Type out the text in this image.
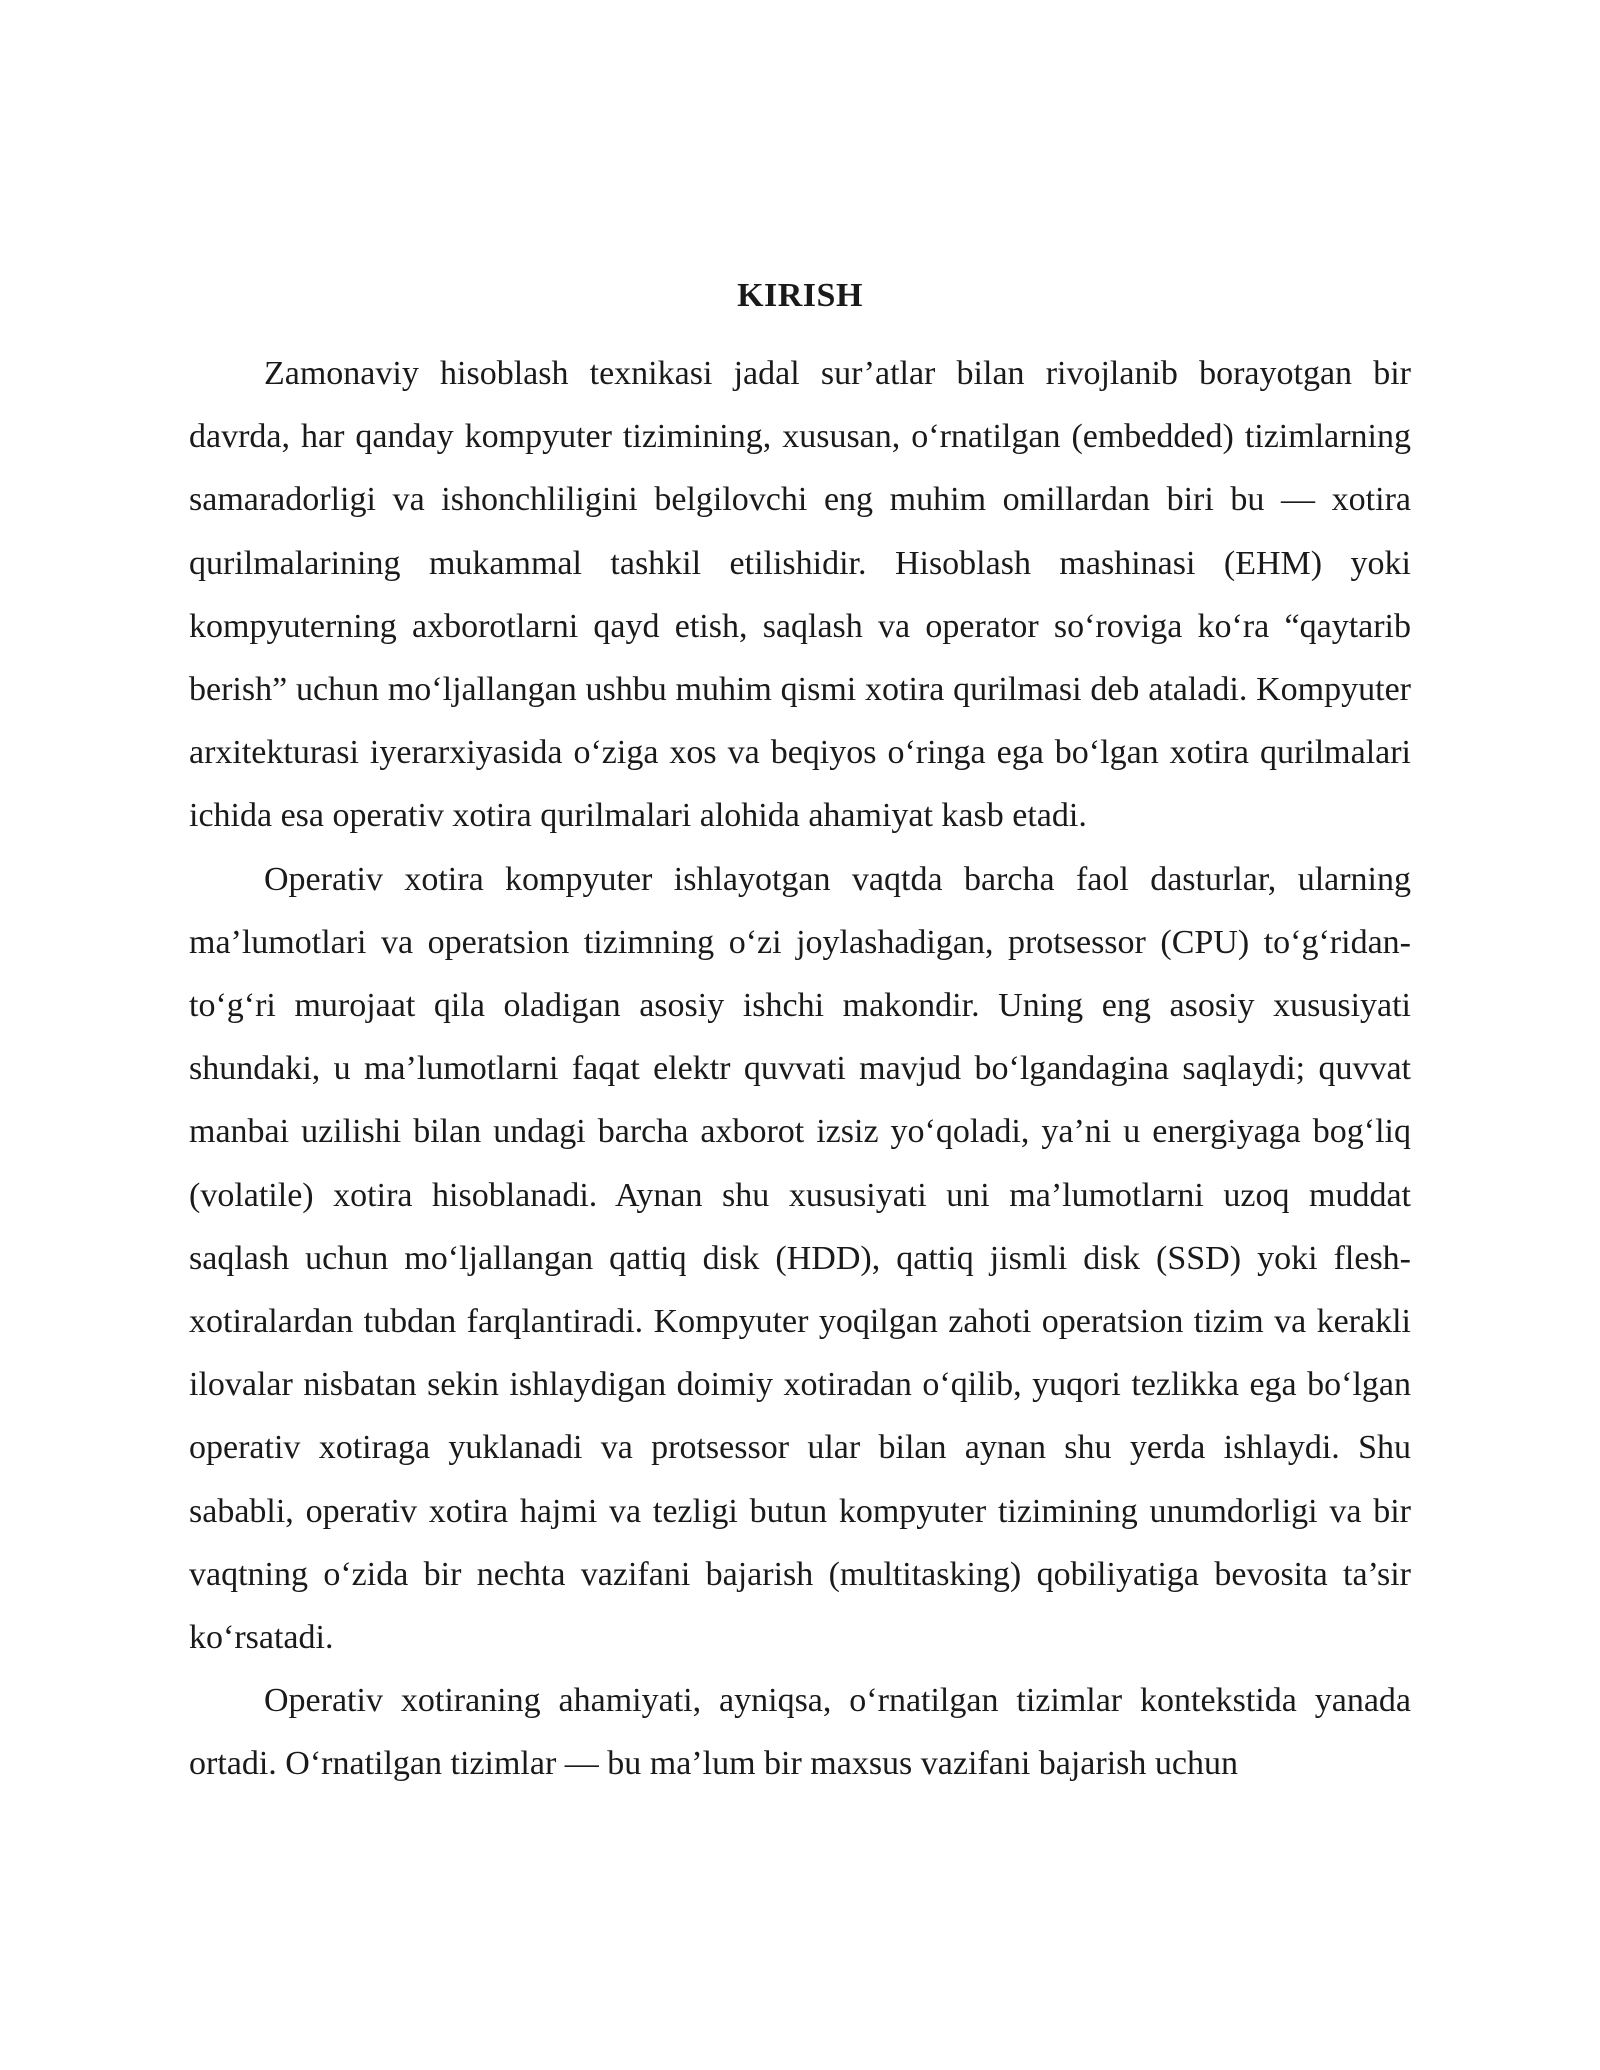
KIRISH

Zamonaviy hisoblash texnikasi jadal sur’atlar bilan rivojlanib borayotgan bir davrda, har qanday kompyuter tizimining, xususan, o‘rnatilgan (embedded) tizimlarning samaradorligi va ishonchliligini belgilovchi eng muhim omillardan biri bu — xotira qurilmalarining mukammal tashkil etilishidir. Hisoblash mashinasi (EHM) yoki kompyuterning axborotlarni qayd etish, saqlash va operator so‘roviga ko‘ra “qaytarib berish” uchun mo‘ljallangan ushbu muhim qismi xotira qurilmasi deb ataladi. Kompyuter arxitekturasi iyerarxiyasida o‘ziga xos va beqiyos o‘ringa ega bo‘lgan xotira qurilmalari ichida esa operativ xotira qurilmalari alohida ahamiyat kasb etadi.

Operativ xotira kompyuter ishlayotgan vaqtda barcha faol dasturlar, ularning ma’lumotlari va operatsion tizimning o‘zi joylashadigan, protsessor (CPU) to‘g‘ridan-to‘g‘ri murojaat qila oladigan asosiy ishchi makondir. Uning eng asosiy xususiyati shundaki, u ma’lumotlarni faqat elektr quvvati mavjud bo‘lgandagina saqlaydi; quvvat manbai uzilishi bilan undagi barcha axborot izsiz yo‘qoladi, ya’ni u energiyaga bog‘liq (volatile) xotira hisoblanadi. Aynan shu xususiyati uni ma’lumotlarni uzoq muddat saqlash uchun mo‘ljallangan qattiq disk (HDD), qattiq jismli disk (SSD) yoki flesh-xotiralardan tubdan farqlantiradi. Kompyuter yoqilgan zahoti operatsion tizim va kerakli ilovalar nisbatan sekin ishlaydigan doimiy xotiradan o‘qilib, yuqori tezlikka ega bo‘lgan operativ xotiraga yuklanadi va protsessor ular bilan aynan shu yerda ishlaydi. Shu sababli, operativ xotira hajmi va tezligi butun kompyuter tizimining unumdorligi va bir vaqtning o‘zida bir nechta vazifani bajarish (multitasking) qobiliyatiga bevosita ta’sir ko‘rsatadi.

Operativ xotiraning ahamiyati, ayniqsa, o‘rnatilgan tizimlar kontekstida yanada ortadi. O‘rnatilgan tizimlar — bu ma’lum bir maxsus vazifani bajarish uchun
